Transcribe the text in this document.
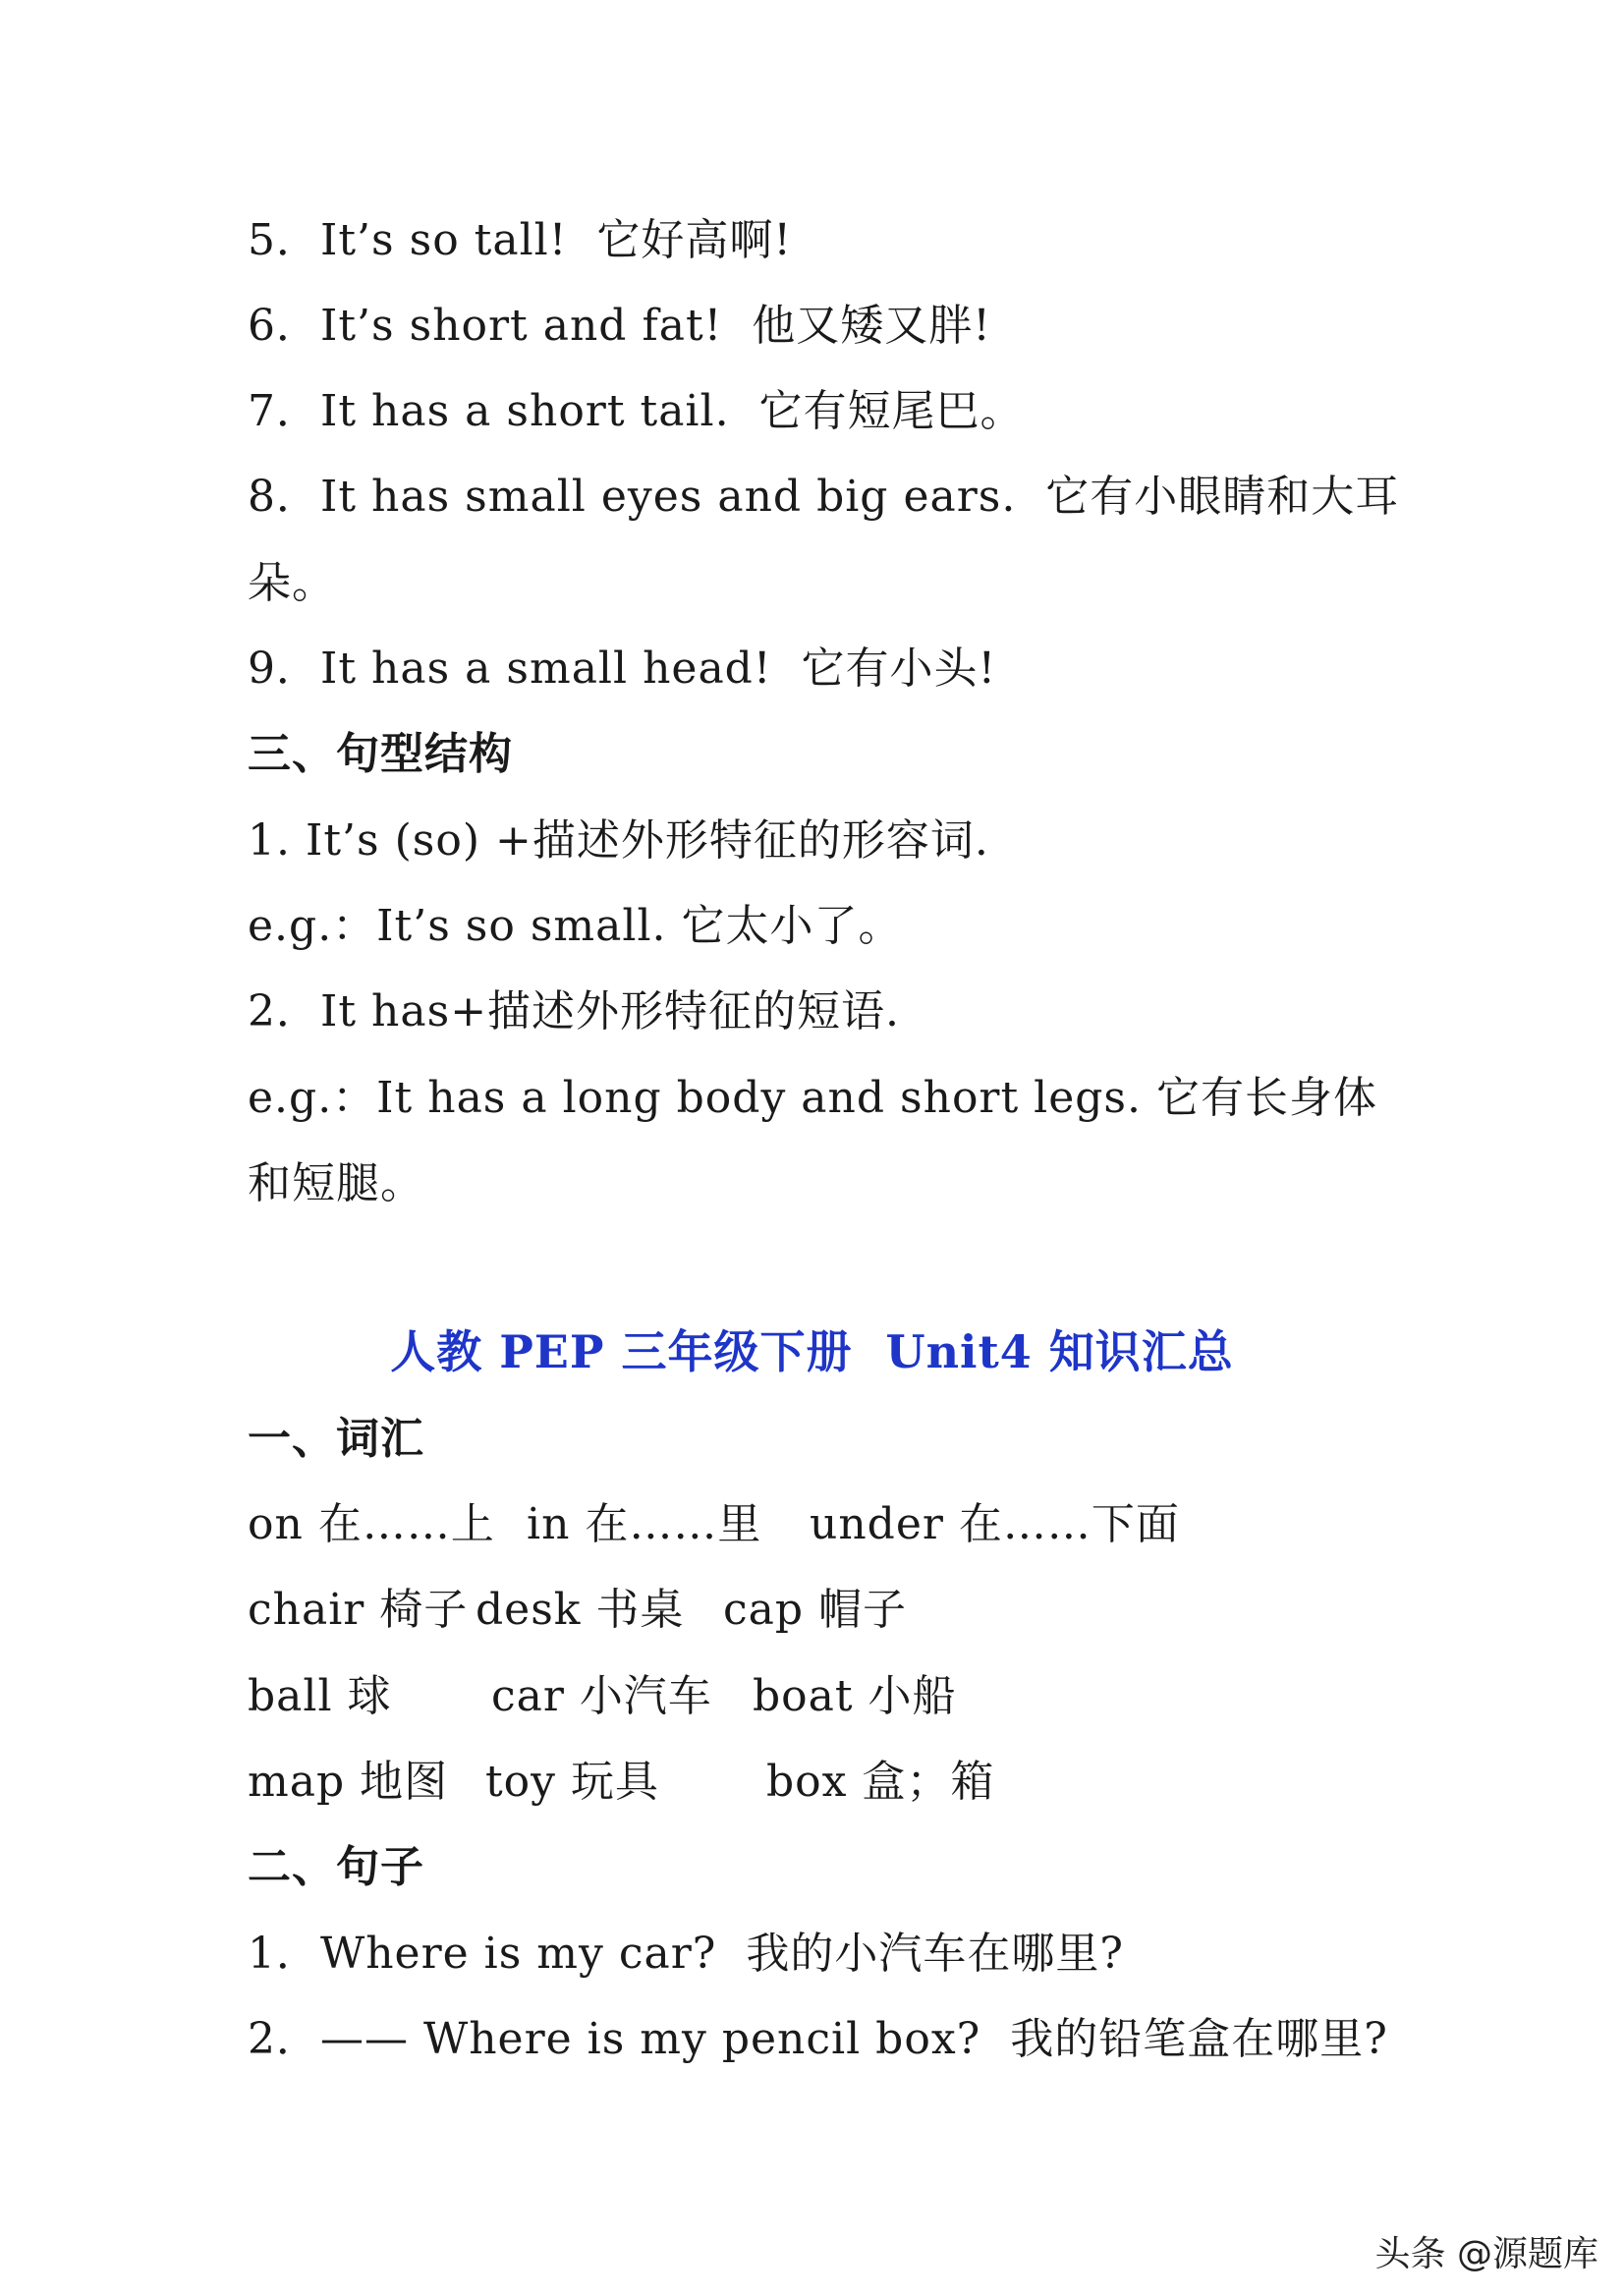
5．It’s so tall!  它好高啊!
6．It’s short and fat!  他又矮又胖!
7．It has a short tail.  它有短尾巴。
8．It has small eyes and big ears.  它有小眼睛和大耳
朵。
9．It has a small head!  它有小头!
三、句型结构
1. It’s (so) +描述外形特征的形容词.
e.g.：It’s so small. 它太小了。
2．It has+描述外形特征的短语.
e.g.：It has a long body and short legs. 它有长身体
和短腿。
人教 PEP 三年级下册  Unit4 知识汇总
一、词汇
on 在……上 in 在……里 under 在……下面
chair 椅子 desk 书桌 cap 帽子
ball 球 car 小汽车 boat 小船
map 地图 toy 玩具 box 盒；箱
二、句子
1．Where is my car?  我的小汽车在哪里?
2．—— Where is my pencil box?  我的铅笔盒在哪里?
头条 @源题库
